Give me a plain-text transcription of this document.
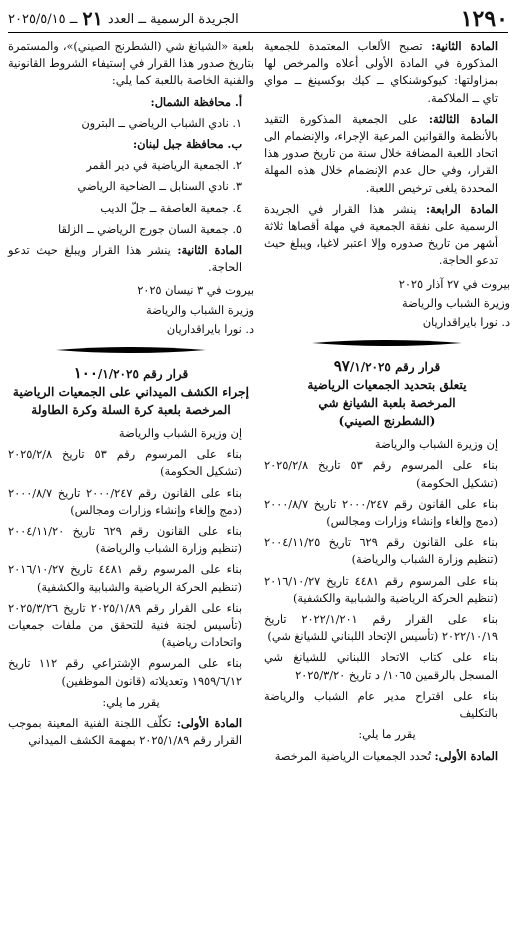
١٢٩٠
الجريدة الرسمية ــ العدد
٢١
ــ ٢٠٢٥/٥/١٥

المادة الثانية: تصبح الألعاب المعتمدة للجمعية المذكورة في المادة الأولى أعلاه والمرخص لها بمزاولتها: كيوكوشنكاي ــ كيك بوكسينغ ــ مواي تاي ــ الملاكمة.

المادة الثالثة: على الجمعية المذكورة التقيد بالأنظمة والقوانين المرعية الإجراء، والإنضمام الى اتحاد اللعبة المضافة خلال سنة من تاريخ صدور هذا القرار، وفي حال عدم الإنضمام خلال هذه المهلة المحددة يلغى ترخيص اللعبة.

المادة الرابعة: ينشر هذا القرار في الجريدة الرسمية على نفقة الجمعية في مهلة أقصاها ثلاثة أشهر من تاريخ صدوره وإلا اعتبر لاغيا، ويبلغ حيث تدعو الحاجة.

بيروت في ٢٧ آذار ٢٠٢٥

وزيرة الشباب والرياضة

د. نورا بايراقداريان

قرار رقم ٩٧/١/٢٠٢٥
يتعلق بتحديد الجمعيات الرياضية
المرخصة بلعبة الشيانغ شي
(الشطرنج الصيني)

إن وزيرة الشباب والرياضة

بناء على المرسوم رقم ٥٣ تاريخ ٢٠٢٥/٢/٨ (تشكيل الحكومة)

بناء على القانون رقم ٢٠٠٠/٢٤٧ تاريخ ٢٠٠٠/٨/٧ (دمج وإلغاء وإنشاء وزارات ومجالس)

بناء على القانون رقم ٦٢٩ تاريخ ٢٠٠٤/١١/٢٥ (تنظيم وزارة الشباب والرياضة)

بناء على المرسوم رقم ٤٤٨١ تاريخ ٢٠١٦/١٠/٢٧ (تنظيم الحركة الرياضية والشبابية والكشفية)

بناء على القرار رقم ٢٠٢٢/١/٢٠١ تاريخ ٢٠٢٢/١٠/١٩ (تأسيس الإتحاد اللبناني للشيانغ شي)

بناء على كتاب الاتحاد اللبناني للشيانغ شي المسجل بالرقمين ١٠٦٥/ د تاريخ ٢٠٢٥/٣/٢٠

بناء على اقتراح مدير عام الشباب والرياضة بالتكليف

يقرر ما يلي:

المادة الأولى: تُحدد الجمعيات الرياضية المرخصة

بلعبة «الشيانغ شي (الشطرنج الصيني)»، والمستمرة بتاريخ صدور هذا القرار في إستيفاء الشروط القانونية والفنية الخاصة باللعبة كما يلي:

أ. محافظة الشمال:

١. نادي الشباب الرياضي ــ البترون

ب. محافظة جبل لبنان:

٢. الجمعية الرياضية في دير القمر

٣. نادي السنابل ــ الضاحية الرياضي

٤. جمعية العاصفة ــ جلّ الديب

٥. جمعية السان جورج الرياضي ــ الزلقا

المادة الثانية: ينشر هذا القرار ويبلغ حيث تدعو الحاجة.

بيروت في ٣ نيسان ٢٠٢٥

وزيرة الشباب والرياضة

د. نورا بايراقداريان

قرار رقم ١٠٠/١/٢٠٢٥
إجراء الكشف الميداني على الجمعيات الرياضية
المرخصة بلعبة كرة السلة وكرة الطاولة

إن وزيرة الشباب والرياضة

بناء على المرسوم رقم ٥٣ تاريخ ٢٠٢٥/٢/٨ (تشكيل الحكومة)

بناء على القانون رقم ٢٠٠٠/٢٤٧ تاريخ ٢٠٠٠/٨/٧ (دمج وإلغاء وإنشاء وزارات ومجالس)

بناء على القانون رقم ٦٢٩ تاريخ ٢٠٠٤/١١/٢٠ (تنظيم وزارة الشباب والرياضة)

بناء على المرسوم رقم ٤٤٨١ تاريخ ٢٠١٦/١٠/٢٧ (تنظيم الحركة الرياضية والشبابية والكشفية)

بناء على القرار رقم ٢٠٢٥/١/٨٩ تاريخ ٢٠٢٥/٣/٢٦ (تأسيس لجنة فنية للتحقق من ملفات جمعيات واتحادات رياضية)

بناء على المرسوم الإشتراعي رقم ١١٢ تاريخ ١٩٥٩/٦/١٢ وتعديلاته (قانون الموظفين)

يقرر ما يلي:

المادة الأولى: تكلّف اللجنة الفنية المعينة بموجب القرار رقم ٢٠٢٥/١/٨٩ بمهمة الكشف الميداني
